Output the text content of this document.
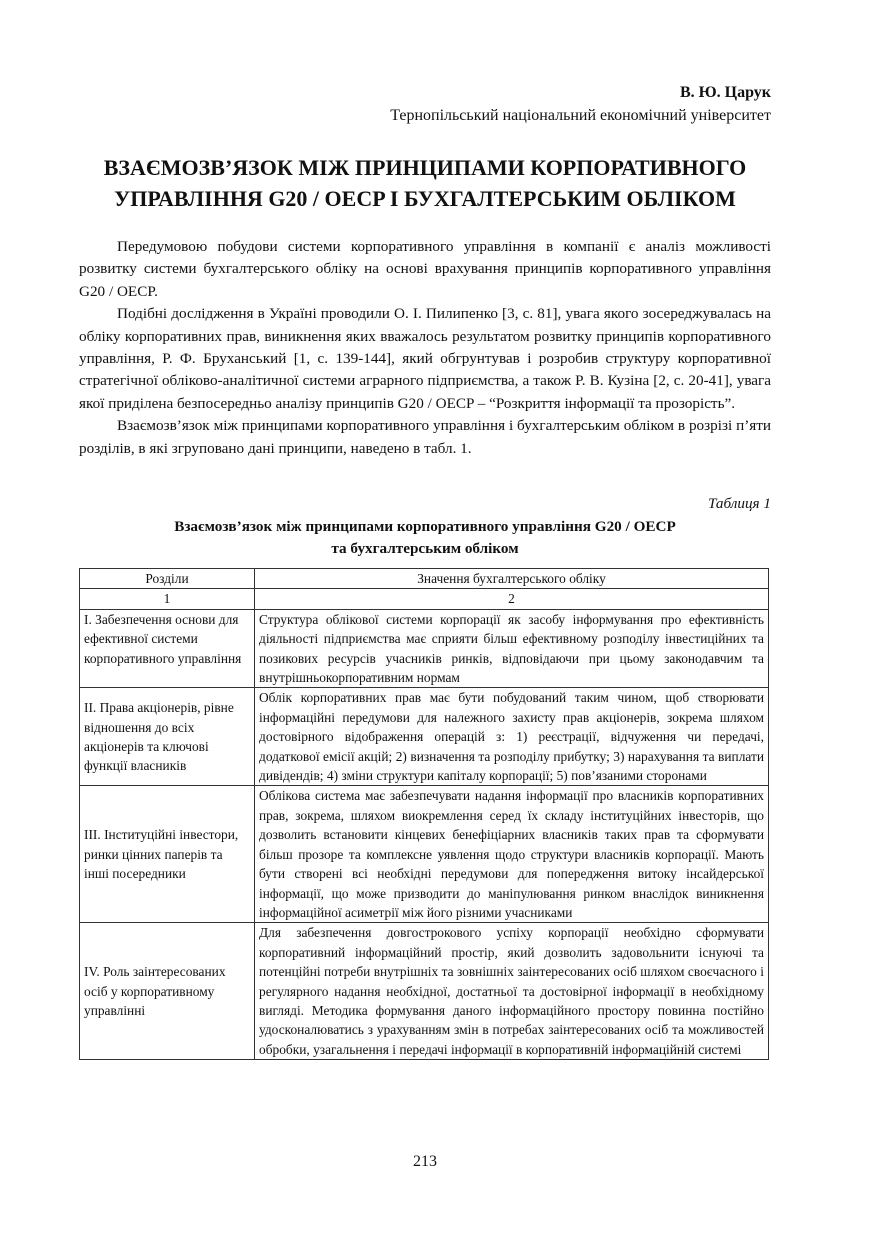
В. Ю. Царук
Тернопільський національний економічний університет
ВЗАЄМОЗВ’ЯЗОК МІЖ ПРИНЦИПАМИ КОРПОРАТИВНОГО
УПРАВЛІННЯ G20 / OECP І БУХГАЛТЕРСЬКИМ ОБЛІКОМ

Передумовою побудови системи корпоративного управління в компанії є аналіз можливості розвитку системи бухгалтерського обліку на основі врахування принципів корпоративного управління G20 / OECP.

Подібні дослідження в Україні проводили О. І. Пилипенко [3, с. 81], увага якого зосереджувалась на обліку корпоративних прав, виникнення яких вважалось результатом розвитку принципів корпоративного управління, Р. Ф. Бруханський [1, с. 139-144], який обгрунтував і розробив структуру корпоративної стратегічної обліково-аналітичної системи аграрного підприємства, а також Р. В. Кузіна [2, с. 20-41], увага якої приділена безпосередньо аналізу принципів G20 / OECP – “Розкриття інформації та прозорість”.

Взаємозв’язок між принципами корпоративного управління і бухгалтерським обліком в розрізі п’яти розділів, в які згруповано дані принципи, наведено в табл. 1.

Таблиця 1
Взаємозв’язок між принципами корпоративного управління G20 / OECP
та бухгалтерським обліком
Розділи	Значення бухгалтерського обліку
1	2
І. Забезпечення основи для ефективної системи корпоративного управління	Структура облікової системи корпорації як засобу інформування про ефективність діяльності підприємства має сприяти більш ефективному розподілу інвестиційних та позикових ресурсів учасників ринків, відповідаючи при цьому законодавчим та внутрішньокорпоративним нормам
ІІ. Права акціонерів, рівне відношення до всіх акціонерів та ключові функції власників	Облік корпоративних прав має бути побудований таким чином, щоб створювати інформаційні передумови для належного захисту прав акціонерів, зокрема шляхом достовірного відображення операцій з: 1) реєстрації, відчуження чи передачі, додаткової емісії акцій; 2) визначення та розподілу прибутку; 3) нарахування та виплати дивідендів; 4) зміни структури капіталу корпорації; 5) пов’язаними сторонами
ІІІ. Інституційні інвестори, ринки цінних паперів та інші посередники	Облікова система має забезпечувати надання інформації про власників корпоративних прав, зокрема, шляхом виокремлення серед їх складу інституційних інвесторів, що дозволить встановити кінцевих бенефіціарних власників таких прав та сформувати більш прозоре та комплексне уявлення щодо структури власників корпорації. Мають бути створені всі необхідні передумови для попередження витоку інсайдерської інформації, що може призводити до маніпулювання ринком внаслідок виникнення інформаційної асиметрії між його різними учасниками
IV. Роль заінтересованих осіб у корпоративному управлінні	Для забезпечення довгострокового успіху корпорації необхідно сформувати корпоративний інформаційний простір, який дозволить задовольнити існуючі та потенційні потреби внутрішніх та зовнішніх заінтересованих осіб шляхом своєчасного і регулярного надання необхідної, достатньої та достовірної інформації в необхідному вигляді. Методика формування даного інформаційного простору повинна постійно удосконалюватись з урахуванням змін в потребах заінтересованих осіб та можливостей обробки, узагальнення і передачі інформації в корпоративній інформаційній системі
213
